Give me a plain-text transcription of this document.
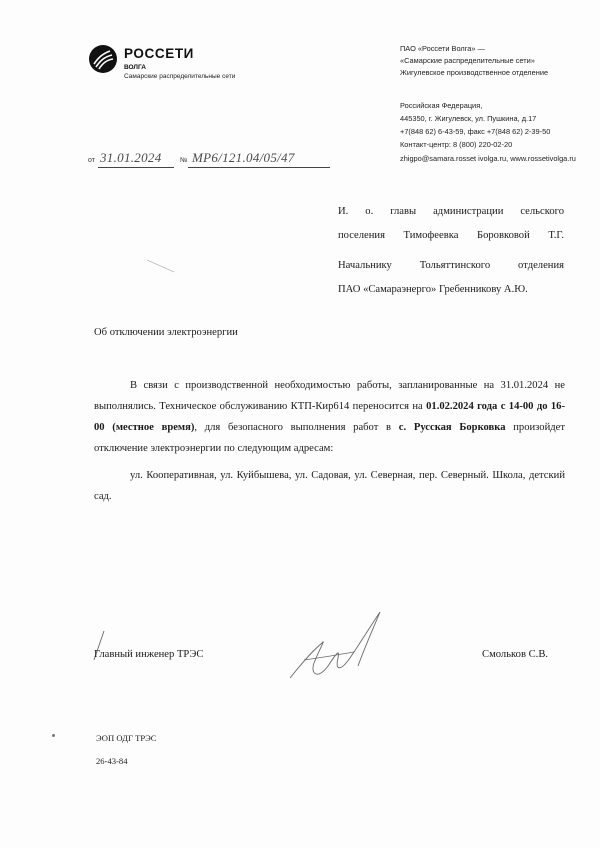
РОССЕТИ
ВОЛГА
Самарские распределительные сети
ПАО «Россети Волга» —
«Самарские распределительные сети»
Жигулевское производственное отделение
Российская Федерация,
445350, г. Жигулевск, ул. Пушкина, д.17
+7(848 62) 6-43-59, факс +7(848 62) 2-39-50
Контакт-центр: 8 (800) 220-02-20
zhigpo@samara.rosset ivolga.ru, www.rossetivolga.ru
от 31.01.2024	№ МР6/121.04/05/47
И. о. главы администрации сельского
поселения Тимофеевка Боровковой Т.Г.
Начальнику Тольяттинского отделения
ПАО «Самараэнерго» Гребенникову А.Ю.
Об отключении электроэнергии

В связи с производственной необходимостью работы, запланированные на 31.01.2024 не выполнялись. Техническое обслуживанию КТП-Кир614 переносится на 01.02.2024 года с 14-00 до 16-00 (местное время), для безопасного выполнения работ в с. Русская Борковка произойдет отключение электроэнергии по следующим адресам:

ул. Кооперативная, ул. Куйбышева, ул. Садовая, ул. Северная, пер. Северный. Школа, детский сад.

Главный инженер ТРЭС	Смольков С.В.
ЭОП ОДГ ТРЭС
26-43-84
